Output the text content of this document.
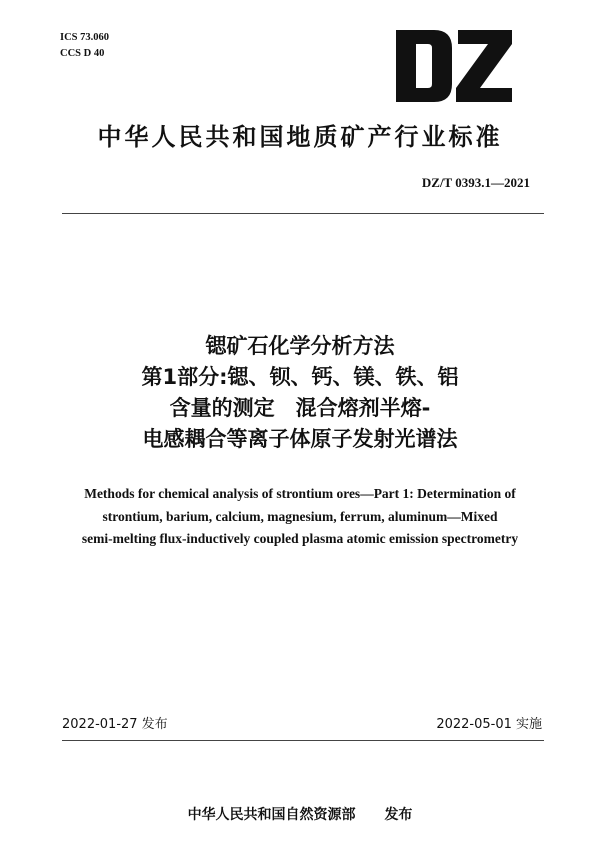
ICS 73.060
CCS D 40
中华人民共和国地质矿产行业标准
DZ/T 0393.1—2021
锶矿石化学分析方法
第1部分:锶、钡、钙、镁、铁、铝
含量的测定　混合熔剂半熔-
电感耦合等离子体原子发射光谱法
Methods for chemical analysis of strontium ores—Part 1: Determination of
strontium, barium, calcium, magnesium, ferrum, aluminum—Mixed
semi-melting flux-inductively coupled plasma atomic emission spectrometry
2022-01-27 发布	2022-05-01 实施
中华人民共和国自然资源部 发布
